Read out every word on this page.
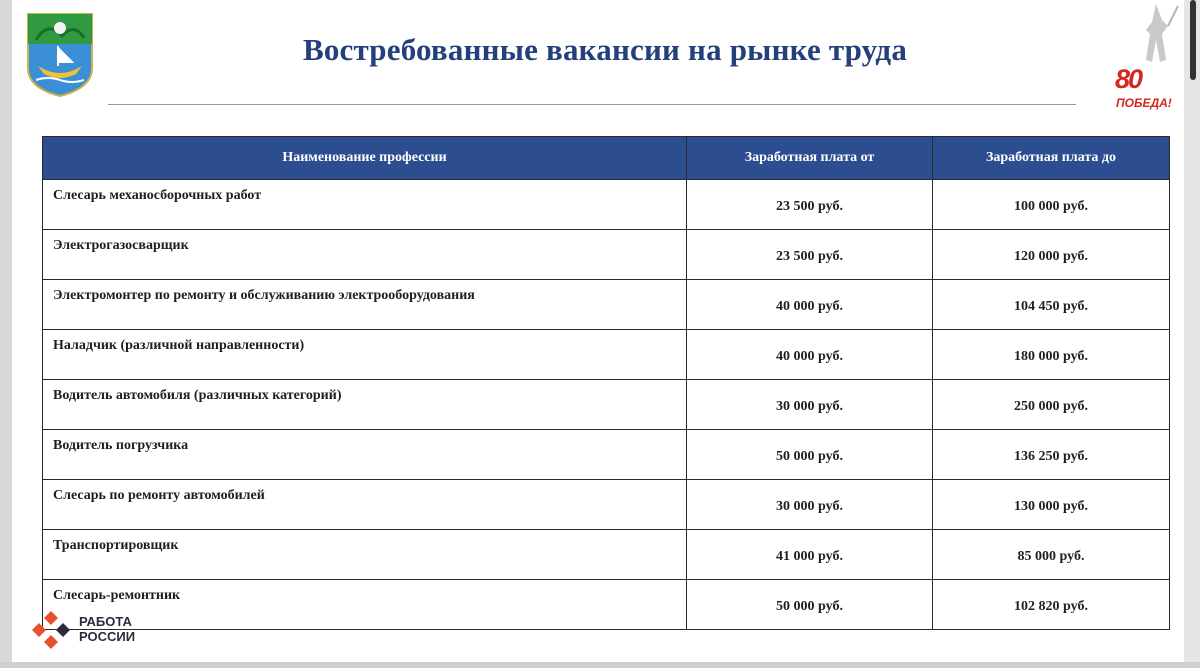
Востребованные вакансии на рынке труда
80
ПОБЕДА!
Наименование профессии	Заработная плата от	Заработная плата до
Слесарь механосборочных работ	23 500 руб.	100 000 руб.
Электрогазосварщик	23 500 руб.	120 000 руб.
Электромонтер по ремонту и обслуживанию электрооборудования	40 000 руб.	104 450 руб.
Наладчик (различной направленности)	40 000 руб.	180 000 руб.
Водитель автомобиля (различных категорий)	30 000 руб.	250 000 руб.
Водитель погрузчика	50 000 руб.	136 250 руб.
Слесарь по ремонту автомобилей	30 000 руб.	130 000 руб.
Транспортировщик	41 000 руб.	85 000 руб.
Слесарь-ремонтник	50 000 руб.	102 820 руб.
РАБОТА
РОССИИ
